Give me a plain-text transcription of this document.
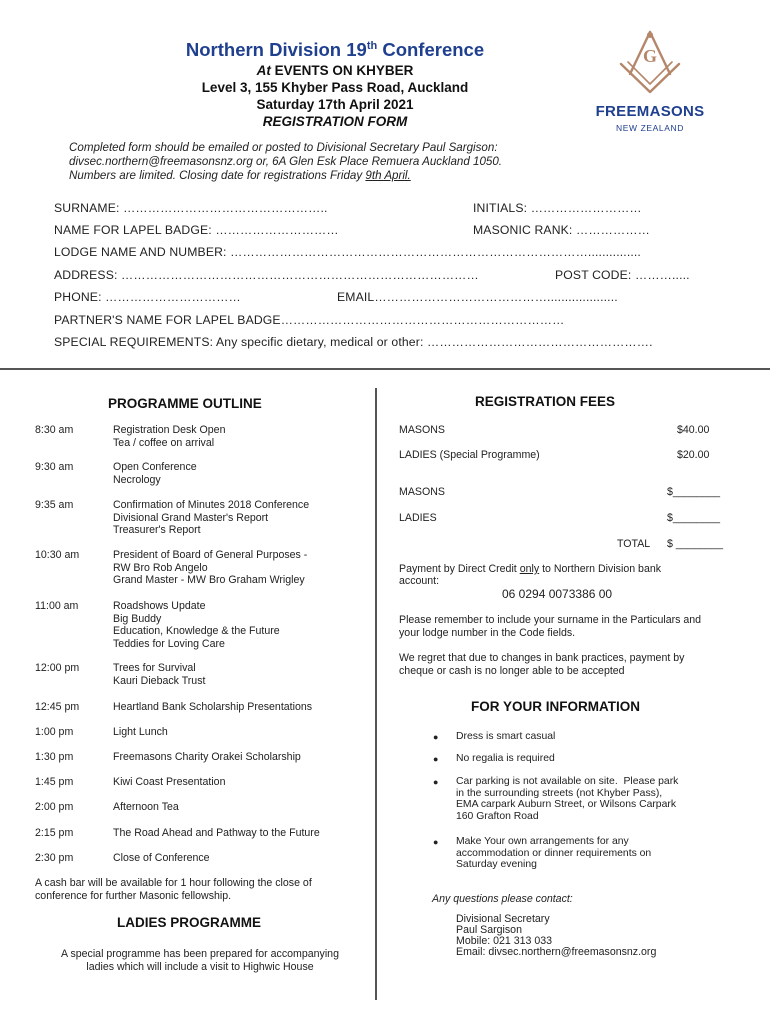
Northern Division 19th Conference
At EVENTS ON KHYBER
Level 3, 155 Khyber Pass Road, Auckland
Saturday 17th April 2021
REGISTRATION FORM
G
FREEMASONS
NEW ZEALAND
Completed form should be emailed or posted to Divisional Secretary Paul Sargison:
divsec.northern@freemasonsnz.org or, 6A Glen Esk Place Remuera Auckland 1050.
Numbers are limited. Closing date for registrations Friday 9th April.
SURNAME: …………………………………………..	INITIALS: ………………………
NAME FOR LAPEL BADGE: …………………………	MASONIC RANK: ………………
LODGE NAME AND NUMBER: ……………………………………………………………………………...............
ADDRESS: ……………………………………………………………………………	POST CODE: ……….....
PHONE: ……………………………	EMAIL……………………………………....................
PARTNER'S NAME FOR LAPEL BADGE……………………………………………………………
SPECIAL REQUIREMENTS: Any specific dietary, medical or other: ……………………………………………….
PROGRAMME OUTLINE
8:30 am	Registration Desk Open
Tea / coffee on arrival
9:30 am	Open Conference
Necrology
9:35 am	Confirmation of Minutes 2018 Conference
Divisional Grand Master's Report
Treasurer's Report
10:30 am	President of Board of General Purposes -
RW Bro Rob Angelo
Grand Master - MW Bro Graham Wrigley
11:00 am	Roadshows Update
Big Buddy
Education, Knowledge & the Future
Teddies for Loving Care
12:00 pm	Trees for Survival
Kauri Dieback Trust
12:45 pm	Heartland Bank Scholarship Presentations
1:00 pm	Light Lunch
1:30 pm	Freemasons Charity Orakei Scholarship
1:45 pm	Kiwi Coast Presentation
2:00 pm	Afternoon Tea
2:15 pm	The Road Ahead and Pathway to the Future
2:30 pm	Close of Conference
A cash bar will be available for 1 hour following the close of
conference for further Masonic fellowship.
LADIES PROGRAMME
A special programme has been prepared for accompanying
ladies which will include a visit to Highwic House
REGISTRATION FEES
MASONS	$40.00
LADIES (Special Programme)	$20.00
MASONS	$________
LADIES	$________
TOTAL $ ________
Payment by Direct Credit only to Northern Division bank
account:
06 0294 0073386 00
Please remember to include your surname in the Particulars and
your lodge number in the Code fields.
We regret that due to changes in bank practices, payment by
cheque or cash is no longer able to be accepted
FOR YOUR INFORMATION
● Dress is smart casual
● No regalia is required
● Car parking is not available on site.  Please park
in the surrounding streets (not Khyber Pass),
EMA carpark Auburn Street, or Wilsons Carpark
160 Grafton Road
● Make Your own arrangements for any
accommodation or dinner requirements on
Saturday evening
Any questions please contact:
Divisional Secretary
Paul Sargison
Mobile: 021 313 033
Email: divsec.northern@freemasonsnz.org
